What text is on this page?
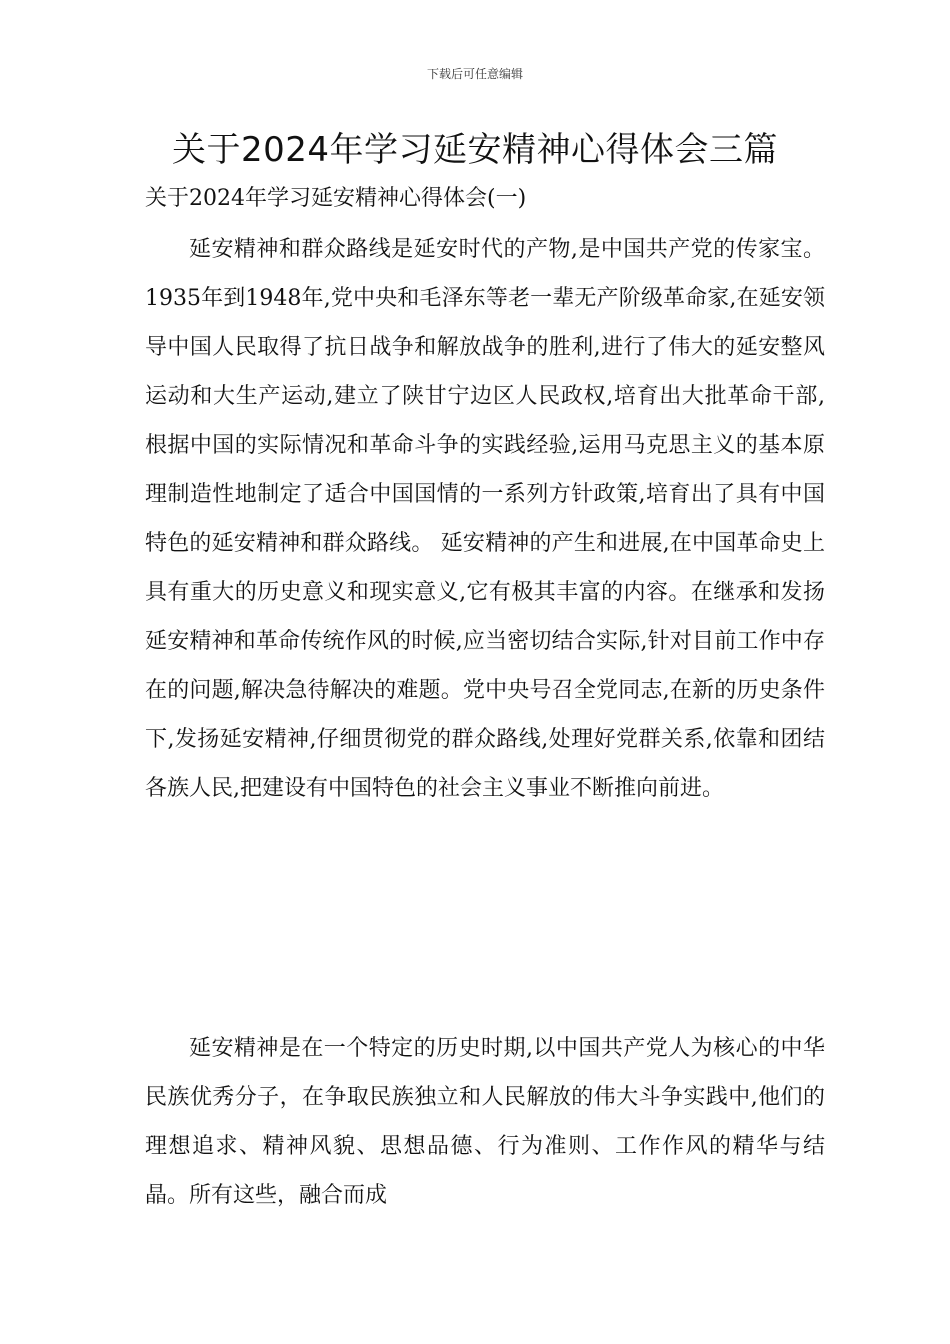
下载后可任意编辑
关于2024年学习延安精神心得体会三篇
关于2024年学习延安精神心得体会(一)

延安精神和群众路线是延安时代的产物,是中国共产党的传家宝。1935年到1948年,党中央和毛泽东等老一辈无产阶级革命家,在延安领导中国人民取得了抗日战争和解放战争的胜利,进行了伟大的延安整风运动和大生产运动,建立了陕甘宁边区人民政权,培育出大批革命干部,根据中国的实际情况和革命斗争的实践经验,运用马克思主义的基本原理制造性地制定了适合中国国情的一系列方针政策,培育出了具有中国特色的延安精神和群众路线。 延安精神的产生和进展,在中国革命史上具有重大的历史意义和现实意义,它有极其丰富的内容。在继承和发扬延安精神和革命传统作风的时候,应当密切结合实际,针对目前工作中存在的问题,解决急待解决的难题。党中央号召全党同志,在新的历史条件下,发扬延安精神,仔细贯彻党的群众路线,处理好党群关系,依靠和团结各族人民,把建设有中国特色的社会主义事业不断推向前进。

延安精神是在一个特定的历史时期,以中国共产党人为核心的中华民族优秀分子，在争取民族独立和人民解放的伟大斗争实践中,他们的理想追求、精神风貌、思想品德、行为准则、工作作风的精华与结晶。所有这些，融合而成
